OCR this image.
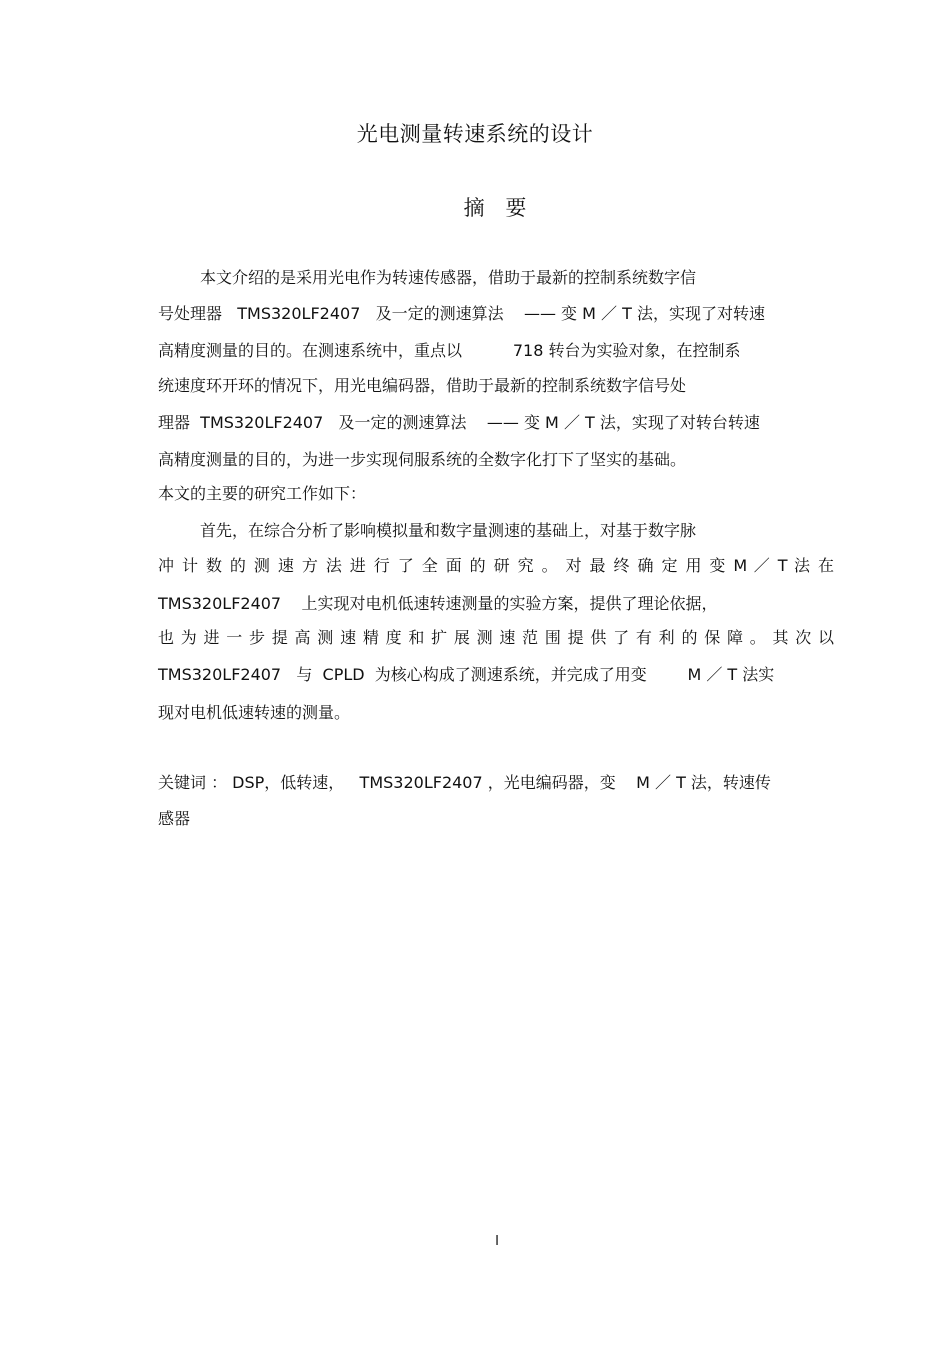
光电测量转速系统的设计
摘 要
本文介绍的是采用光电作为转速传感器，借助于最新的控制系统数字信
号处理器   TMS320LF2407   及一定的测速算法    —— 变 M ／ T 法，实现了对转速
高精度测量的目的。在测速系统中，重点以          718 转台为实验对象，在控制系
统速度环开环的情况下，用光电编码器，借助于最新的控制系统数字信号处
理器  TMS320LF2407   及一定的测速算法    —— 变 M ／ T 法，实现了对转台转速
高精度测量的目的，为进一步实现伺服系统的全数字化打下了坚实的基础。
本文的主要的研究工作如下：
首先，在综合分析了影响模拟量和数字量测速的基础上，对基于数字脉
冲 计 数 的 测 速 方 法 进 行 了 全 面 的 研 究 。 对 最 终 确 定 用 变 M ／ T 法 在
TMS320LF2407    上实现对电机低速转速测量的实验方案，提供了理论依据，
也 为 进 一 步 提 高 测 速 精 度 和 扩 展 测 速 范 围 提 供 了 有 利 的 保 障 。 其 次 以
TMS320LF2407   与  CPLD  为核心构成了测速系统，并完成了用变        M ／ T 法实
现对电机低速转速的测量。
关键词 ： DSP，低转速，   TMS320LF2407 ，光电编码器，变    M ／ T 法，转速传
感器
I
